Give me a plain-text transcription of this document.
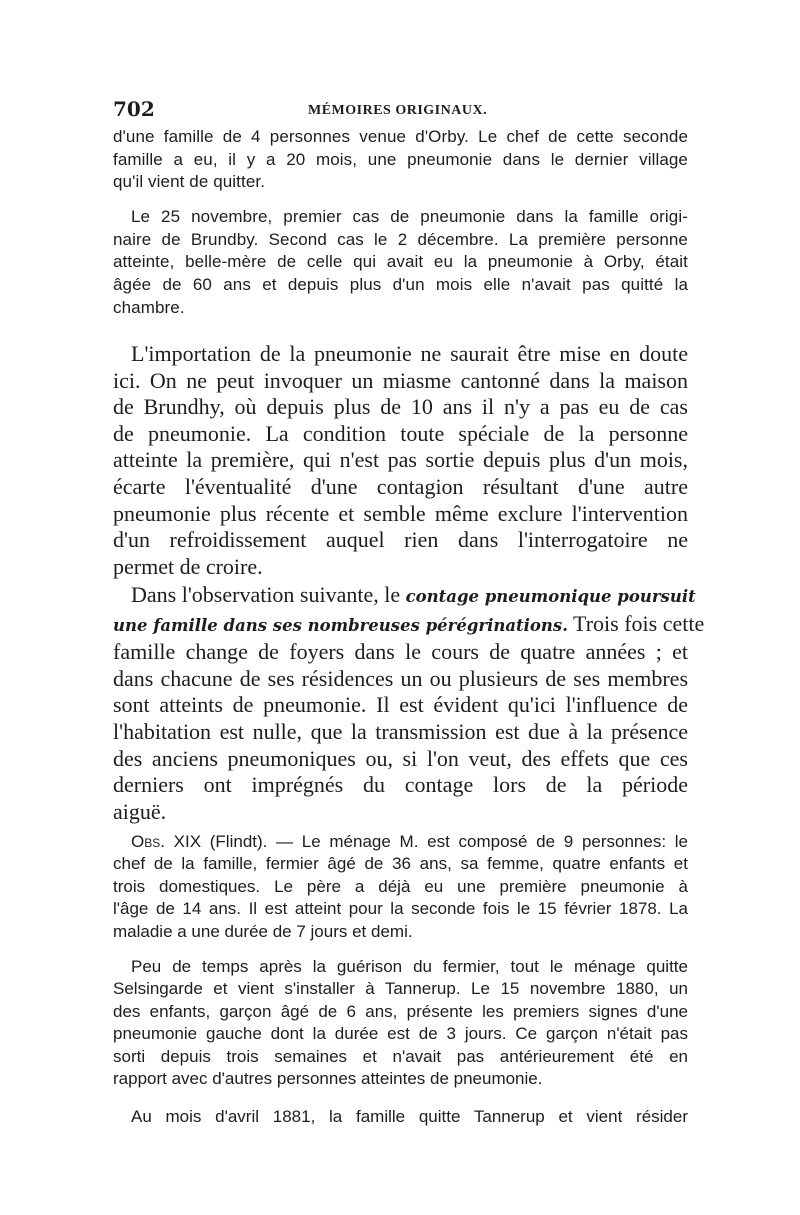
702	MÉMOIRES ORIGINAUX.
d'une famille de 4 personnes venue d'Orby. Le chef de cette seconde
famille a eu, il y a 20 mois, une pneumonie dans le dernier village
qu'il vient de quitter.
Le 25 novembre, premier cas de pneumonie dans la famille origi-
naire de Brundby. Second cas le 2 décembre. La première personne
atteinte, belle-mère de celle qui avait eu la pneumonie à Orby, était
âgée de 60 ans et depuis plus d'un mois elle n'avait pas quitté la
chambre.
L'importation de la pneumonie ne saurait être mise en doute
ici. On ne peut invoquer un miasme cantonné dans la maison
de Brundhy, où depuis plus de 10 ans il n'y a pas eu de cas
de pneumonie. La condition toute spéciale de la personne
atteinte la première, qui n'est pas sortie depuis plus d'un mois,
écarte l'éventualité d'une contagion résultant d'une autre
pneumonie plus récente et semble même exclure l'intervention
d'un refroidissement auquel rien dans l'interrogatoire ne
permet de croire.
Dans l'observation suivante, le contage pneumonique poursuit
une famille dans ses nombreuses pérégrinations. Trois fois cette
famille change de foyers dans le cours de quatre années ; et
dans chacune de ses résidences un ou plusieurs de ses membres
sont atteints de pneumonie. Il est évident qu'ici l'influence de
l'habitation est nulle, que la transmission est due à la présence
des anciens pneumoniques ou, si l'on veut, des effets que ces
derniers ont imprégnés du contage lors de la période
aiguë.
Obs. XIX (Flindt). — Le ménage M. est composé de 9 personnes: le
chef de la famille, fermier âgé de 36 ans, sa femme, quatre enfants et
trois domestiques. Le père a déjà eu une première pneumonie à
l'âge de 14 ans. Il est atteint pour la seconde fois le 15 février 1878. La
maladie a une durée de 7 jours et demi.
Peu de temps après la guérison du fermier, tout le ménage quitte
Selsingarde et vient s'installer à Tannerup. Le 15 novembre 1880, un
des enfants, garçon âgé de 6 ans, présente les premiers signes d'une
pneumonie gauche dont la durée est de 3 jours. Ce garçon n'était pas
sorti depuis trois semaines et n'avait pas antérieurement été en
rapport avec d'autres personnes atteintes de pneumonie.
Au mois d'avril 1881, la famille quitte Tannerup et vient résider
